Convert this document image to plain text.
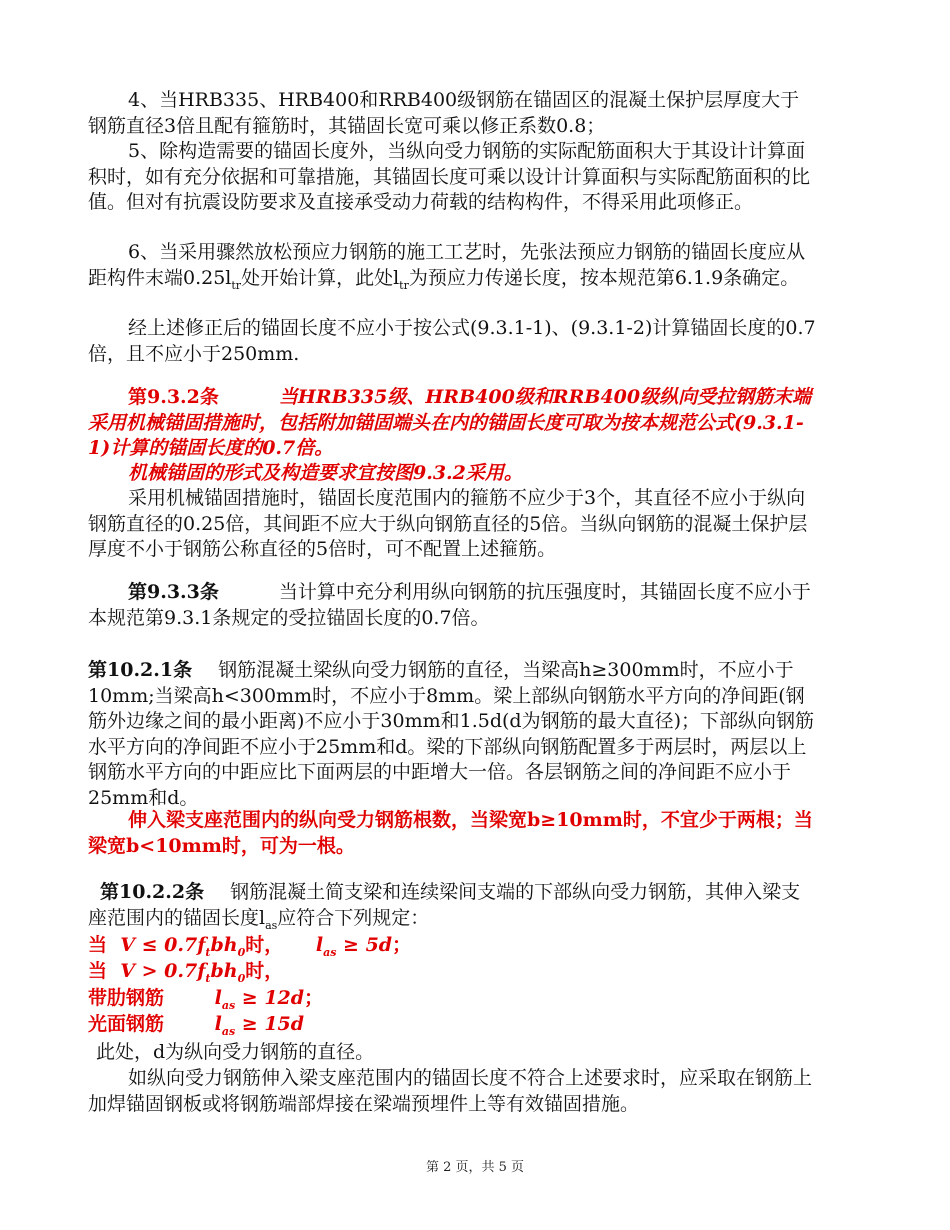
4、当HRB335、HRB400和RRB400级钢筋在锚固区的混凝土保护层厚度大于钢筋直径3倍且配有箍筋时，其锚固长宽可乘以修正系数0.8；

5、除构造需要的锚固长度外，当纵向受力钢筋的实际配筋面积大于其设计计算面积时，如有充分依据和可靠措施，其锚固长度可乘以设计计算面积与实际配筋面积的比值。但对有抗震设防要求及直接承受动力荷载的结构构件，不得采用此项修正。

6、当采用骤然放松预应力钢筋的施工工艺时，先张法预应力钢筋的锚固长度应从距构件末端$0.25l_{tr}$处开始计算，此处$l_{tr}$为预应力传递长度，按本规范第6.1.9条确定。

经上述修正后的锚固长度不应小于按公式(9.3.1-1)、(9.3.1-2)计算锚固长度的0.7倍，且不应小于250mm.

第9.3.2条	当HRB335级、HRB400级和RRB400级纵向受拉钢筋末端采用机械锚固措施时，包括附加锚固端头在内的锚固长度可取为按本规范公式(9.3.1-1)计算的锚固长度的0.7倍。

机械锚固的形式及构造要求宜按图9.3.2采用。

采用机械锚固措施时，锚固长度范围内的箍筋不应少于3个，其直径不应小于纵向钢筋直径的0.25倍，其间距不应大于纵向钢筋直径的5倍。当纵向钢筋的混凝土保护层厚度不小于钢筋公称直径的5倍时，可不配置上述箍筋。

第9.3.3条	当计算中充分利用纵向钢筋的抗压强度时，其锚固长度不应小于本规范第9.3.1条规定的受拉锚固长度的0.7倍。

第10.2.1条 钢筋混凝土梁纵向受力钢筋的直径，当梁高h≥300mm时，不应小于10mm;当梁高h<300mm时，不应小于8mm。梁上部纵向钢筋水平方向的净间距(钢筋外边缘之间的最小距离)不应小于30mm和1.5d(d为钢筋的最大直径)；下部纵向钢筋水平方向的净间距不应小于25mm和d。梁的下部纵向钢筋配置多于两层时，两层以上钢筋水平方向的中距应比下面两层的中距增大一倍。各层钢筋之间的净间距不应小于25mm和d。

伸入梁支座范围内的纵向受力钢筋根数，当梁宽b≥10mm时，不宜少于两根；当梁宽b<10mm时，可为一根。

第10.2.2条 钢筋混凝土简支梁和连续梁间支端的下部纵向受力钢筋，其伸入梁支座范围内的锚固长度$l_{as}$应符合下列规定：

当 $V \le 0.7f_tbh_0$时， $l_{as} \ge 5d$；
当 $V > 0.7f_tbh_0$时，
带肋钢筋	$l_{as} \ge 12d$；
光面钢筋	$l_{as} \ge 15d$

此处，d为纵向受力钢筋的直径。

如纵向受力钢筋伸入梁支座范围内的锚固长度不符合上述要求时，应采取在钢筋上加焊锚固钢板或将钢筋端部焊接在梁端预埋件上等有效锚固措施。

第 2 页，共 5 页
